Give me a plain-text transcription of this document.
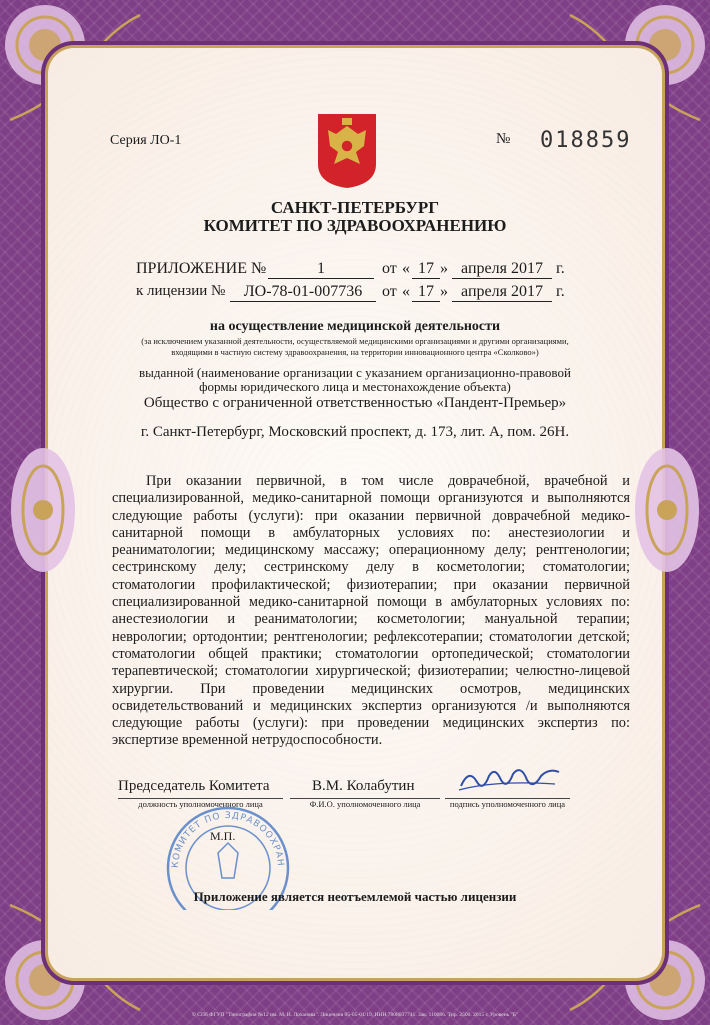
Серия ЛО-1	№ 018859
САНКТ-ПЕТЕРБУРГ
КОМИТЕТ ПО ЗДРАВООХРАНЕНИЮ
ПРИЛОЖЕНИЕ №	1	от « 17 » апреля 2017 г.
к лицензии №	ЛО-78-01-007736	от « 17 » апреля 2017 г.
на осуществление медицинской деятельности
(за исключением указанной деятельности, осуществляемой медицинскими организациями и другими организациями, входящими в частную систему здравоохранения, на территории инновационного центра «Сколково»)
выданной (наименование организации с указанием организационно-правовой формы юридического лица и местонахождение объекта)
Общество с ограниченной ответственностью «Пандент-Премьер»
г. Санкт-Петербург, Московский проспект, д. 173, лит. А, пом. 26Н.
При оказании первичной, в том числе доврачебной, врачебной и специализированной, медико-санитарной помощи организуются и выполняются следующие работы (услуги): при оказании первичной доврачебной медико-санитарной помощи в амбулаторных условиях по: анестезиологии и реаниматологии; медицинскому массажу; операционному делу; рентгенологии; сестринскому делу; сестринскому делу в косметологии; стоматологии; стоматологии профилактической; физиотерапии; при оказании первичной специализированной медико-санитарной помощи в амбулаторных условиях по: анестезиологии и реаниматологии; косметологии; мануальной терапии; неврологии; ортодонтии; рентгенологии; рефлексотерапии; стоматологии детской; стоматологии общей практики; стоматологии ортопедической; стоматологии терапевтической; стоматологии хирургической; физиотерапии; челюстно-лицевой хирургии. При проведении медицинских осмотров, медицинских освидетельствований и медицинских экспертиз организуются /и выполняются следующие работы (услуги): при проведении медицинских экспертиз по: экспертизе временной нетрудоспособности.
Председатель Комитета	В.М. Колабутин
должность уполномоченного лица	Ф.И.О. уполномоченного лица	подпись уполномоченного лица
КОМИТЕТ ПО ЗДРАВООХРАН
М.П.
Приложение является неотъемлемой частью лицензии
© СПб ФГУП "Типография №12 им. М. И. Лоханова". Лицензия 05-05-01/19, ИНН 7808037741. Зак. 110086. Тир. 2500. 2015 г. Уровень "Б"
